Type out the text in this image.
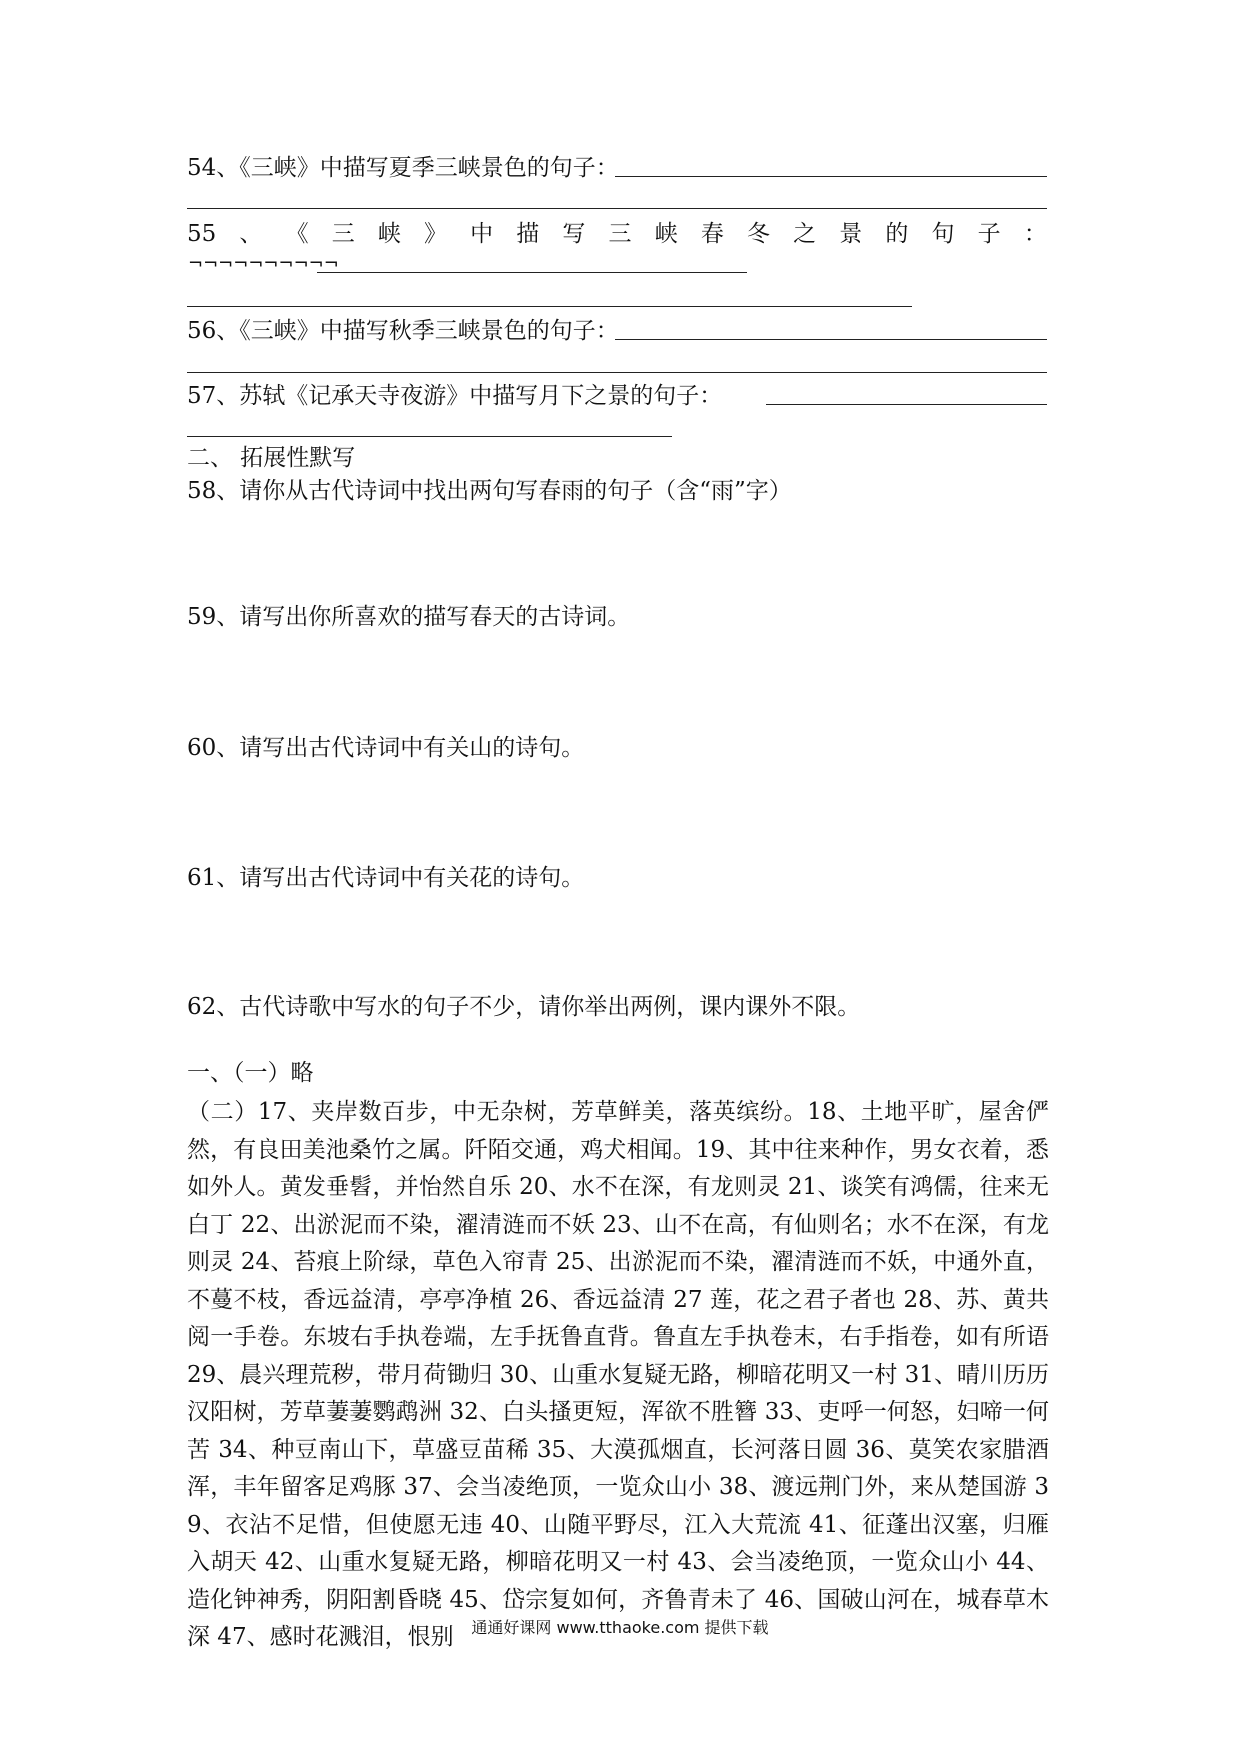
54、《三峡》中描写夏季三峡景色的句子：
55 、 《 三 峡 》 中 描 写 三 峡 春 冬 之 景 的 句 子 ：
¬¬¬¬¬¬¬¬¬¬
56、《三峡》中描写秋季三峡景色的句子：
57、苏轼《记承天寺夜游》中描写月下之景的句子：
二、 拓展性默写
58、请你从古代诗词中找出两句写春雨的句子（含“雨”字）
59、请写出你所喜欢的描写春天的古诗词。
60、请写出古代诗词中有关山的诗句。
61、请写出古代诗词中有关花的诗句。
62、古代诗歌中写水的句子不少，请你举出两例，课内课外不限。
一、（一）略
（二）17、夹岸数百步，中无杂树，芳草鲜美，落英缤纷。18、土地平旷，屋舍俨然，有良田美池桑竹之属。阡陌交通，鸡犬相闻。19、其中往来种作，男女衣着，悉如外人。黄发垂髫，并怡然自乐 20、水不在深，有龙则灵 21、谈笑有鸿儒，往来无白丁 22、出淤泥而不染，濯清涟而不妖 23、山不在高，有仙则名；水不在深，有龙则灵 24、苔痕上阶绿，草色入帘青 25、出淤泥而不染，濯清涟而不妖，中通外直，不蔓不枝，香远益清，亭亭净植 26、香远益清 27 莲，花之君子者也 28、苏、黄共阅一手卷。东坡右手执卷端，左手抚鲁直背。鲁直左手执卷末，右手指卷，如有所语 29、晨兴理荒秽，带月荷锄归 30、山重水复疑无路，柳暗花明又一村 31、晴川历历汉阳树，芳草萋萋鹦鹉洲 32、白头搔更短，浑欲不胜簪 33、吏呼一何怒，妇啼一何苦 34、种豆南山下，草盛豆苗稀 35、大漠孤烟直，长河落日圆 36、莫笑农家腊酒浑，丰年留客足鸡豚 37、会当凌绝顶，一览众山小 38、渡远荆门外，来从楚国游 39、衣沾不足惜，但使愿无违 40、山随平野尽，江入大荒流 41、征蓬出汉塞，归雁入胡天 42、山重水复疑无路，柳暗花明又一村 43、会当凌绝顶，一览众山小 44、造化钟神秀，阴阳割昏晓 45、岱宗复如何，齐鲁青未了 46、国破山河在，城春草木深 47、感时花溅泪，恨别	通通好课网 www.tthaoke.com 提供下载
